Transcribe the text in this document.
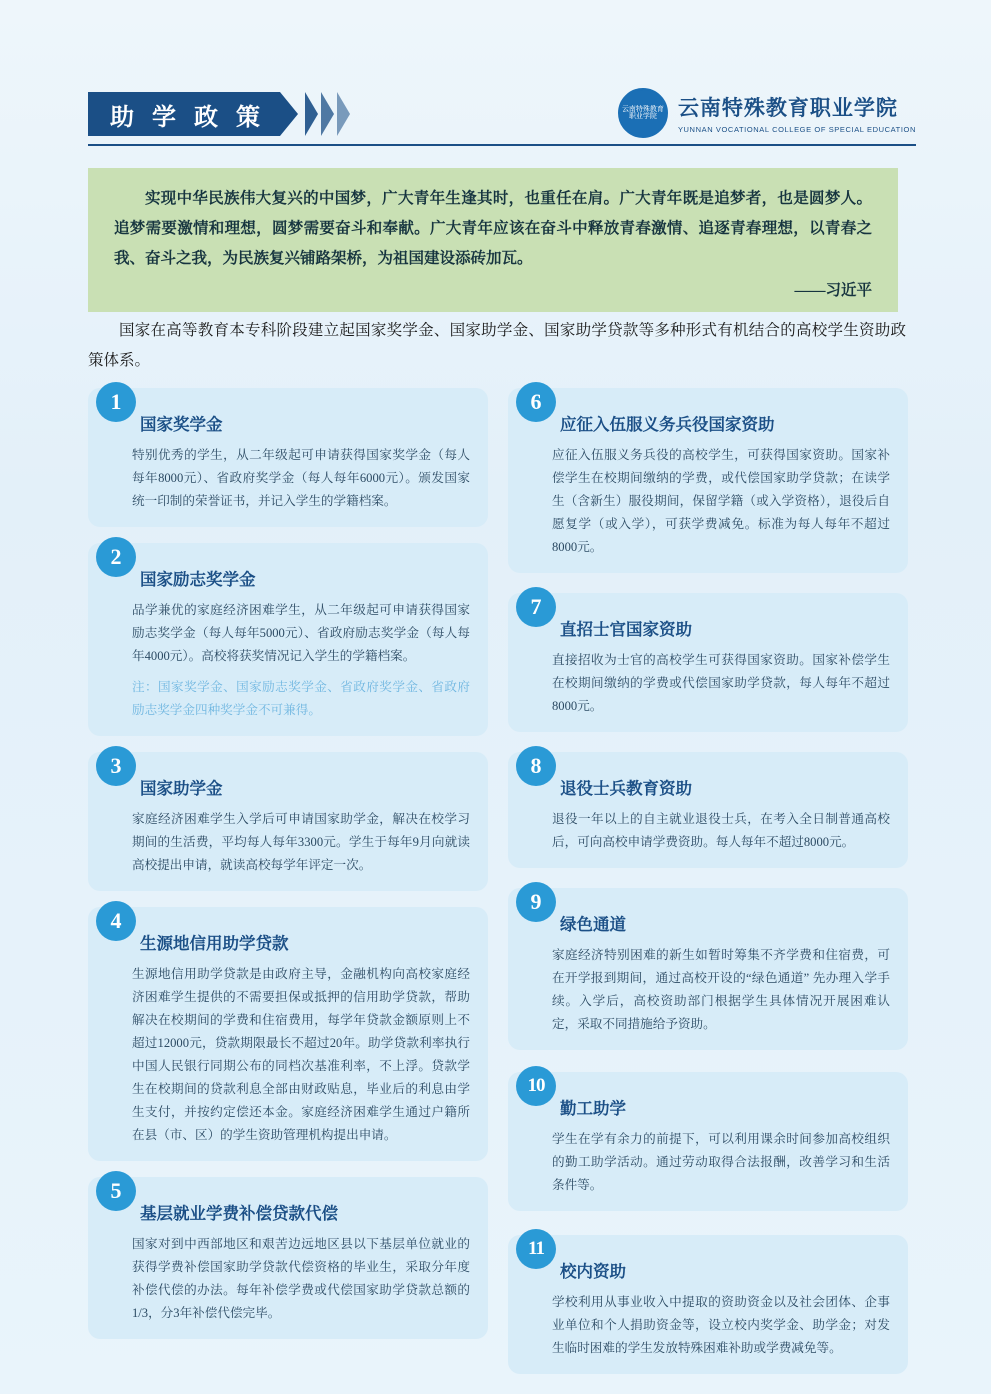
助 学 政 策	云南特殊教育职业学院	云南特殊教育职业学院
YUNNAN VOCATIONAL COLLEGE OF SPECIAL EDUCATION
实现中华民族伟大复兴的中国梦，广大青年生逢其时，也重任在肩。广大青年既是追梦者，也是圆梦人。追梦需要激情和理想，圆梦需要奋斗和奉献。广大青年应该在奋斗中释放青春激情、追逐青春理想，以青春之我、奋斗之我，为民族复兴铺路架桥，为祖国建设添砖加瓦。
——习近平
国家在高等教育本专科阶段建立起国家奖学金、国家助学金、国家助学贷款等多种形式有机结合的高校学生资助政策体系。
1
国家奖学金
特别优秀的学生，从二年级起可申请获得国家奖学金（每人每年8000元）、省政府奖学金（每人每年6000元）。颁发国家统一印制的荣誉证书，并记入学生的学籍档案。
2
国家励志奖学金
品学兼优的家庭经济困难学生，从二年级起可申请获得国家励志奖学金（每人每年5000元）、省政府励志奖学金（每人每年4000元）。高校将获奖情况记入学生的学籍档案。
注：国家奖学金、国家励志奖学金、省政府奖学金、省政府励志奖学金四种奖学金不可兼得。
3
国家助学金
家庭经济困难学生入学后可申请国家助学金，解决在校学习期间的生活费，平均每人每年3300元。学生于每年9月向就读高校提出申请，就读高校每学年评定一次。
4
生源地信用助学贷款
生源地信用助学贷款是由政府主导，金融机构向高校家庭经济困难学生提供的不需要担保或抵押的信用助学贷款，帮助解决在校期间的学费和住宿费用，每学年贷款金额原则上不超过12000元，贷款期限最长不超过20年。助学贷款利率执行中国人民银行同期公布的同档次基准利率，不上浮。贷款学生在校期间的贷款利息全部由财政贴息，毕业后的利息由学生支付，并按约定偿还本金。家庭经济困难学生通过户籍所在县（市、区）的学生资助管理机构提出申请。
5
基层就业学费补偿贷款代偿
国家对到中西部地区和艰苦边远地区县以下基层单位就业的获得学费补偿国家助学贷款代偿资格的毕业生，采取分年度补偿代偿的办法。每年补偿学费或代偿国家助学贷款总额的1/3，分3年补偿代偿完毕。
6
应征入伍服义务兵役国家资助
应征入伍服义务兵役的高校学生，可获得国家资助。国家补偿学生在校期间缴纳的学费，或代偿国家助学贷款；在读学生（含新生）服役期间，保留学籍（或入学资格），退役后自愿复学（或入学），可获学费减免。标准为每人每年不超过8000元。
7
直招士官国家资助
直接招收为士官的高校学生可获得国家资助。国家补偿学生在校期间缴纳的学费或代偿国家助学贷款，每人每年不超过8000元。
8
退役士兵教育资助
退役一年以上的自主就业退役士兵，在考入全日制普通高校后，可向高校申请学费资助。每人每年不超过8000元。
9
绿色通道
家庭经济特别困难的新生如暂时筹集不齐学费和住宿费，可在开学报到期间，通过高校开设的“绿色通道” 先办理入学手续。入学后，高校资助部门根据学生具体情况开展困难认定，采取不同措施给予资助。
10
勤工助学
学生在学有余力的前提下，可以利用课余时间参加高校组织的勤工助学活动。通过劳动取得合法报酬，改善学习和生活条件等。
11
校内资助
学校利用从事业收入中提取的资助资金以及社会团体、企事业单位和个人捐助资金等，设立校内奖学金、助学金；对发生临时困难的学生发放特殊困难补助或学费减免等。
